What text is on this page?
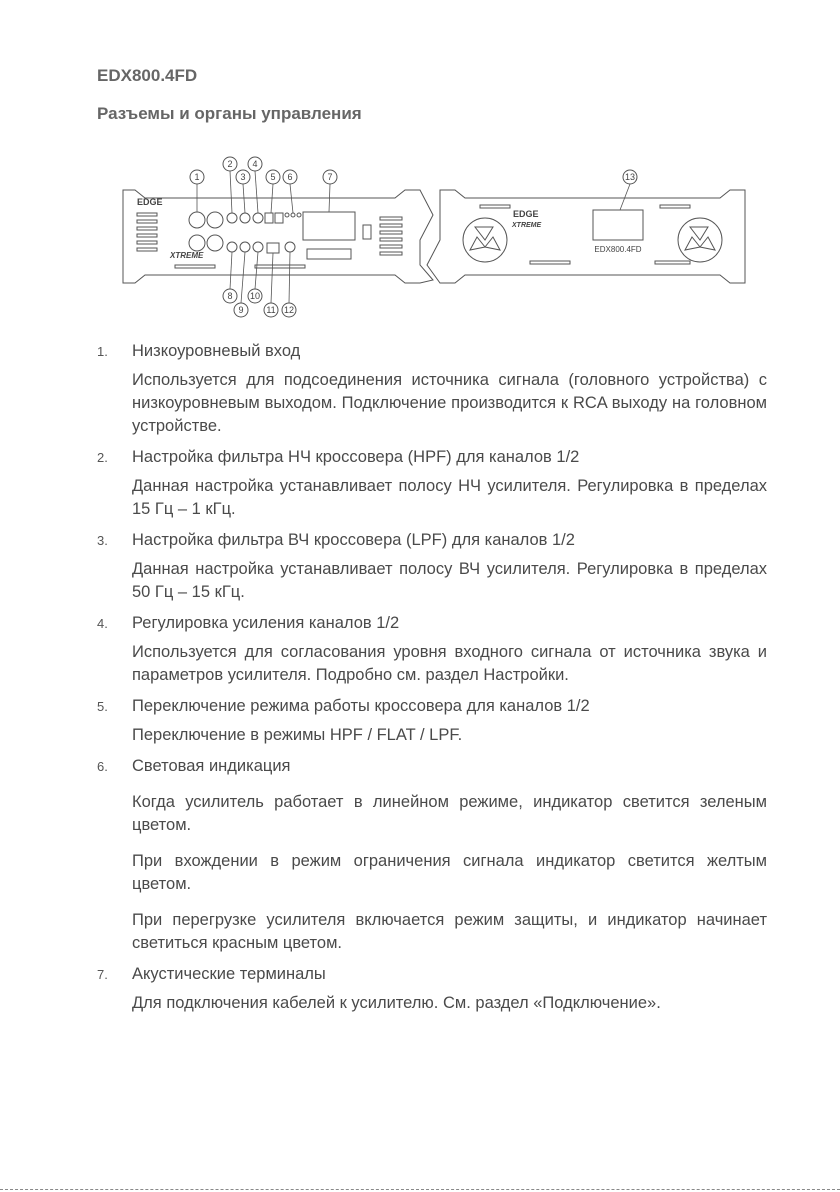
EDX800.4FD
Разъемы и органы управления
EDGE
XTREME
1
2
3
4
5 6	7
8
9
10
11 12
EDGE
XTREME
EDX800.4FD
13
1.	Низкоуровневый вход
Используется для подсоединения источника сигнала (головного устройства) с низкоуровневым выходом. Подключение производится к RCA выходу на головном устройстве.
2.	Настройка фильтра НЧ кроссовера (HPF) для каналов 1/2
Данная настройка устанавливает полосу НЧ усилителя. Регулировка в пределах 15 Гц – 1 кГц.
3.	Настройка фильтра ВЧ кроссовера (LPF) для каналов 1/2
Данная настройка устанавливает полосу ВЧ усилителя. Регулировка в пределах 50 Гц – 15 кГц.
4.	Регулировка усиления каналов 1/2
Используется для согласования уровня входного сигнала от источника звука и параметров усилителя. Подробно см. раздел Настройки.
5.	Переключение режима работы кроссовера для каналов 1/2
Переключение в режимы HPF / FLAT / LPF.
6.	Световая индикация
Когда усилитель работает в линейном режиме, индикатор светится зеленым цветом.
При вхождении в режим ограничения сигнала индикатор светится желтым цветом.
При перегрузке усилителя включается режим защиты, и индикатор начинает светиться красным цветом.
7.	Акустические терминалы
Для подключения кабелей к усилителю. См. раздел «Подключение».
